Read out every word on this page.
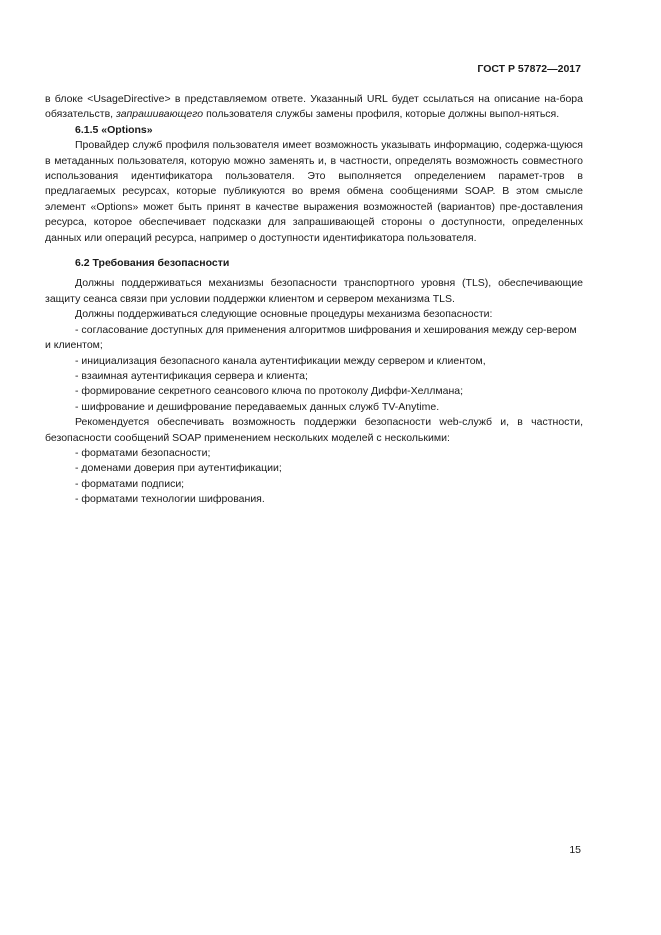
ГОСТ Р 57872—2017

в блоке <UsageDirective> в представляемом ответе. Указанный URL будет ссылаться на описание на-бора обязательств, запрашивающего пользователя службы замены профиля, которые должны выпол-няться.

6.1.5 «Options»

Провайдер служб профиля пользователя имеет возможность указывать информацию, содержа-щуюся в метаданных пользователя, которую можно заменять и, в частности, определять возможность совместного использования идентификатора пользователя. Это выполняется определением парамет-тров в предлагаемых ресурсах, которые публикуются во время обмена сообщениями SOAP. В этом смысле элемент «Options» может быть принят в качестве выражения возможностей (вариантов) пре-доставления ресурса, которое обеспечивает подсказки для запрашивающей стороны о доступности, определенных данных или операций ресурса, например о доступности идентификатора пользователя.

6.2 Требования безопасности

Должны поддерживаться механизмы безопасности транспортного уровня (TLS), обеспечивающие защиту сеанса связи при условии поддержки клиентом и сервером механизма TLS.

Должны поддерживаться следующие основные процедуры механизма безопасности:

- согласование доступных для применения алгоритмов шифрования и хеширования между сер-вером и клиентом;

- инициализация безопасного канала аутентификации между сервером и клиентом,

- взаимная аутентификация сервера и клиента;

- формирование секретного сеансового ключа по протоколу Диффи-Хеллмана;

- шифрование и дешифрование передаваемых данных служб TV-Anytime.

Рекомендуется обеспечивать возможность поддержки безопасности web-служб и, в частности, безопасности сообщений SOAP применением нескольких моделей с несколькими:

- форматами безопасности;

- доменами доверия при аутентификации;

- форматами подписи;

- форматами технологии шифрования.

15
